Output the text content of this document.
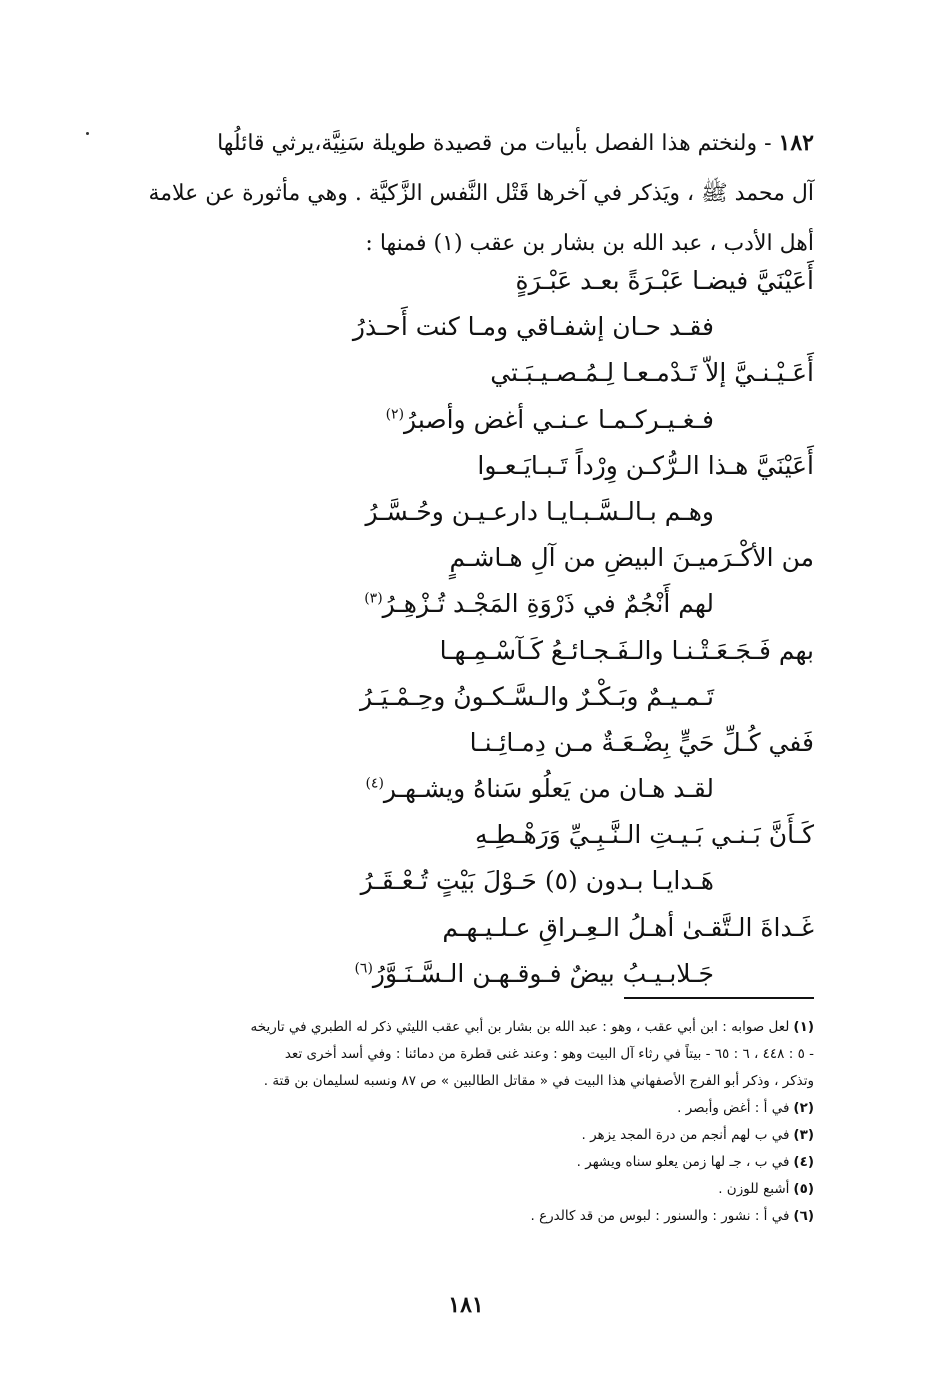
١٨٢ - ولنختم هذا الفصل بأبيات من قصيدة طويلة سَنِيَّة،يرثي قائلُها
آل محمد ﷺ ، ويَذكر في آخرها قَتْل النَّفس الزَّكيَّة . وهي مأثورة عن علامة
أهل الأدب ، عبد الله بن بشار بن عقب (١) فمنها :
أَعَيْنَيَّ فيضـا عَبْـرَةً بعـد عَبْـرَةٍ
فقـد حـان إشفـاقي ومـا كنت أَحـذرُ
أَعَـيْـنـيَّ إلاّ تَـدْمـعـا لِـمُـصـيـبَـتي
فـغـيـركـمـا عـنـي أغض وأصبرُ$^{(٢)}$
أَعَيْنَيَّ هـذا الـرُّكـن وِرْداً تَـبـايَـعـوا
وهـم بـالـسَّـبـايـا دارعـيـن وحُـسَّـرُ
من الأكْـرَميـنَ البيضِ من آلِ هـاشـمٍ
لهم أَنْجُمٌ في ذَرْوَةِ المَجْـد تُـزْهِـرُ$^{(٣)}$
بهم فَـجَـعَـتْـنـا والـفَـجـائـعُ كَـآسْـمِـهـا
تَـمـيـمٌ وبَـكْـرٌ والـسَّـكـونُ وحِـمْـيَـرُ
فَفي كُـلِّ حَيٍّ بِضْـعَـةٌ مـن دِمـائِـنـا
لقـد هـان من يَعلُو سَناهُ ويشـهـر$^{(٤)}$
كَـأَنَّ بَـنـي بَـيـتِ الـنَّـبِـيِّ وَرَهْـطِـهِ
هَـدايـا بـدون (٥) حَـوْلَ بَيْتٍ تُـعْـقَـرُ
غَـداةَ الـتَّقـىٰ أهـلُ الـعِـراقِ عـلـيـهـم
جَـلابـيـبُ بيضٌ فـوقـهـن الـسَّـنَـوَّرُ$^{(٦)}$
(١)لعل صوابه : ابن أبي عقب ، وهو : عبد الله بن بشار بن أبي عقب الليثي ذكر له الطبري في تاريخه
- ٥ : ٤٤٨ ، ٦ : ٦٥ - بيتاً في رثاء آل البيت وهو : وعند غنى قطرة من دمائنا : وفي أسد أخرى تعد
وتذكر ، وذكر أبو الفرج الأصفهاني هذا البيت في « مقاتل الطالبين » ص ٨٧ ونسبه لسليمان بن قتة .
(٢)في أ : أغض وأبصر .
(٣)في ب لهم أنجم من درة المجد يزهر .
(٤)في ب ، جـ لها زمن يعلو سناه ويشهر .
(٥)أشبع للوزن .
(٦)في أ : نشور : والسنور : لبوس من قد كالدرع .
١٨١
